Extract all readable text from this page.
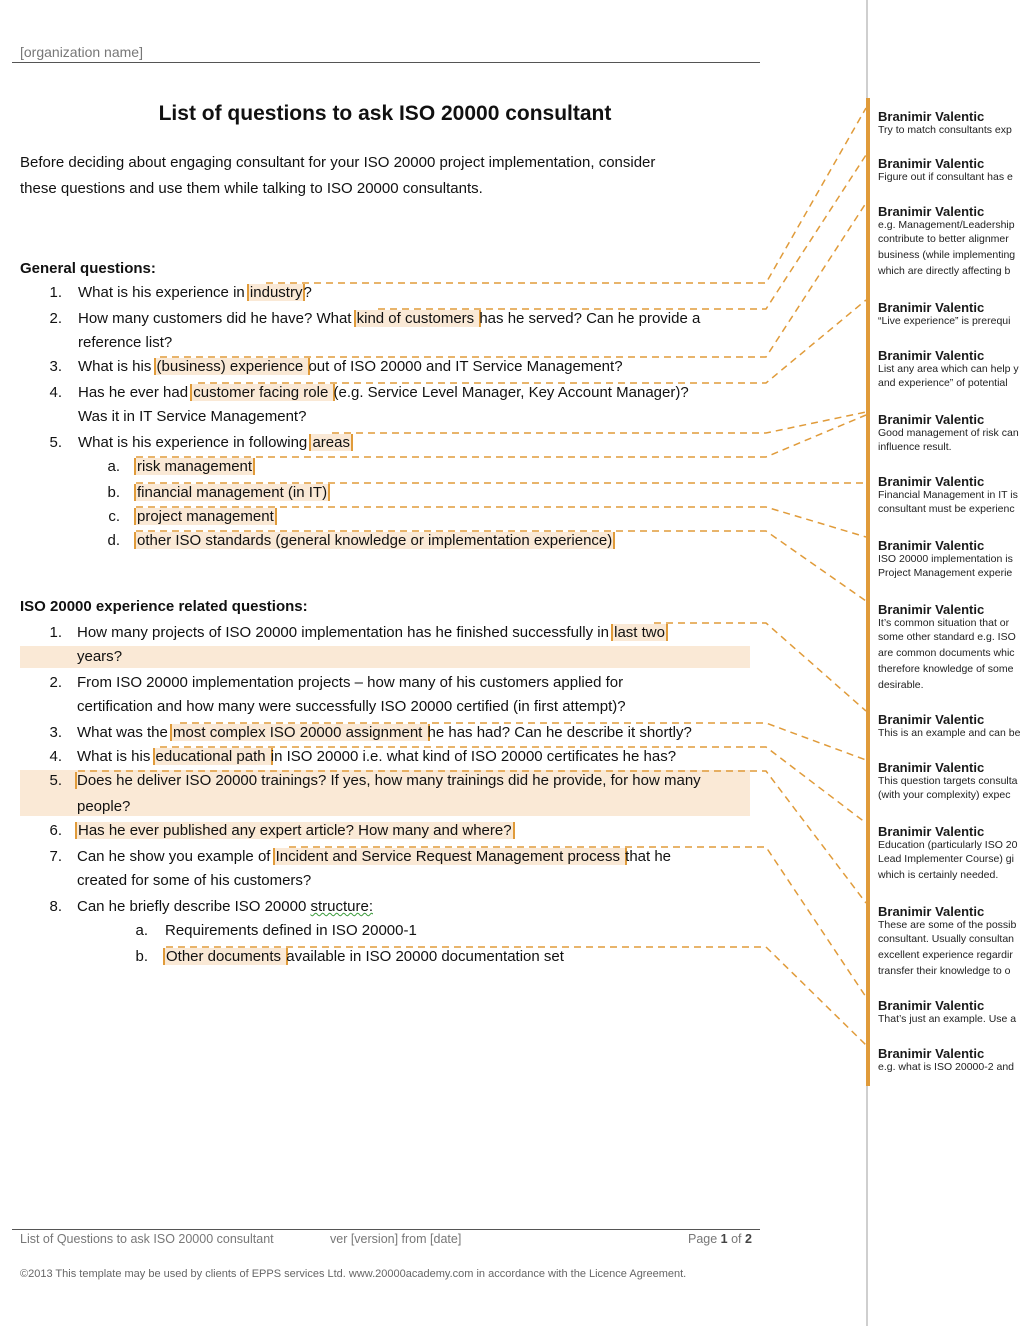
[organization name]
List of questions to ask ISO 20000 consultant
Before deciding about engaging consultant for your ISO 20000 project implementation, consider
these questions and use them while talking to ISO 20000 consultants.
General questions:
1. What is his experience in industry?
2. How many customers did he have? What kind of customers has he served? Can he provide a
reference list?
3. What is his (business) experience out of ISO 20000 and IT Service Management?
4. Has he ever had customer facing role (e.g. Service Level Manager, Key Account Manager)?
Was it in IT Service Management?
5. What is his experience in following areas
a. risk management
b. financial management (in IT)
c. project management
d. other ISO standards (general knowledge or implementation experience)
ISO 20000 experience related questions:
1. How many projects of ISO 20000 implementation has he finished successfully in last two
years?
2. From ISO 20000 implementation projects – how many of his customers applied for
certification and how many were successfully ISO 20000 certified (in first attempt)?
3. What was the most complex ISO 20000 assignment he has had? Can he describe it shortly?
4. What is his educational path in ISO 20000 i.e. what kind of ISO 20000 certificates he has?
5. Does he deliver ISO 20000 trainings? If yes, how many trainings did he provide, for how many
people?
6. Has he ever published any expert article? How many and where?
7. Can he show you example of Incident and Service Request Management process that he
created for some of his customers?
8. Can he briefly describe ISO 20000 structure:
a. Requirements defined in ISO 20000-1
b. Other documents available in ISO 20000 documentation set
List of Questions to ask ISO 20000 consultant	ver [version] from [date]	Page 1 of 2
©2013 This template may be used by clients of EPPS services Ltd. www.20000academy.com in accordance with the Licence Agreement.
Branimir Valentic
Try to match consultants exp
Branimir Valentic
Figure out if consultant has e
Branimir Valentic
e.g. Management/Leadership
contribute to better alignmer
business (while implementing
which are directly affecting b
Branimir Valentic
“Live experience” is prerequi
Branimir Valentic
List any area which can help y
and experience” of potential
Branimir Valentic
Good management of risk can
influence result.
Branimir Valentic
Financial Management in IT is
consultant must be experienc
Branimir Valentic
ISO 20000 implementation is
Project Management experie
Branimir Valentic
It’s common situation that or
some other standard e.g. ISO
are common documents whic
therefore knowledge of some
desirable.
Branimir Valentic
This is an example and can be
Branimir Valentic
This question targets consulta
(with your complexity) expec
Branimir Valentic
Education (particularly ISO 20
Lead Implementer Course) gi
which is certainly needed.
Branimir Valentic
These are some of the possib
consultant. Usually consultan
excellent experience regardir
transfer their knowledge to o
Branimir Valentic
That’s just an example. Use a
Branimir Valentic
e.g. what is ISO 20000-2 and
